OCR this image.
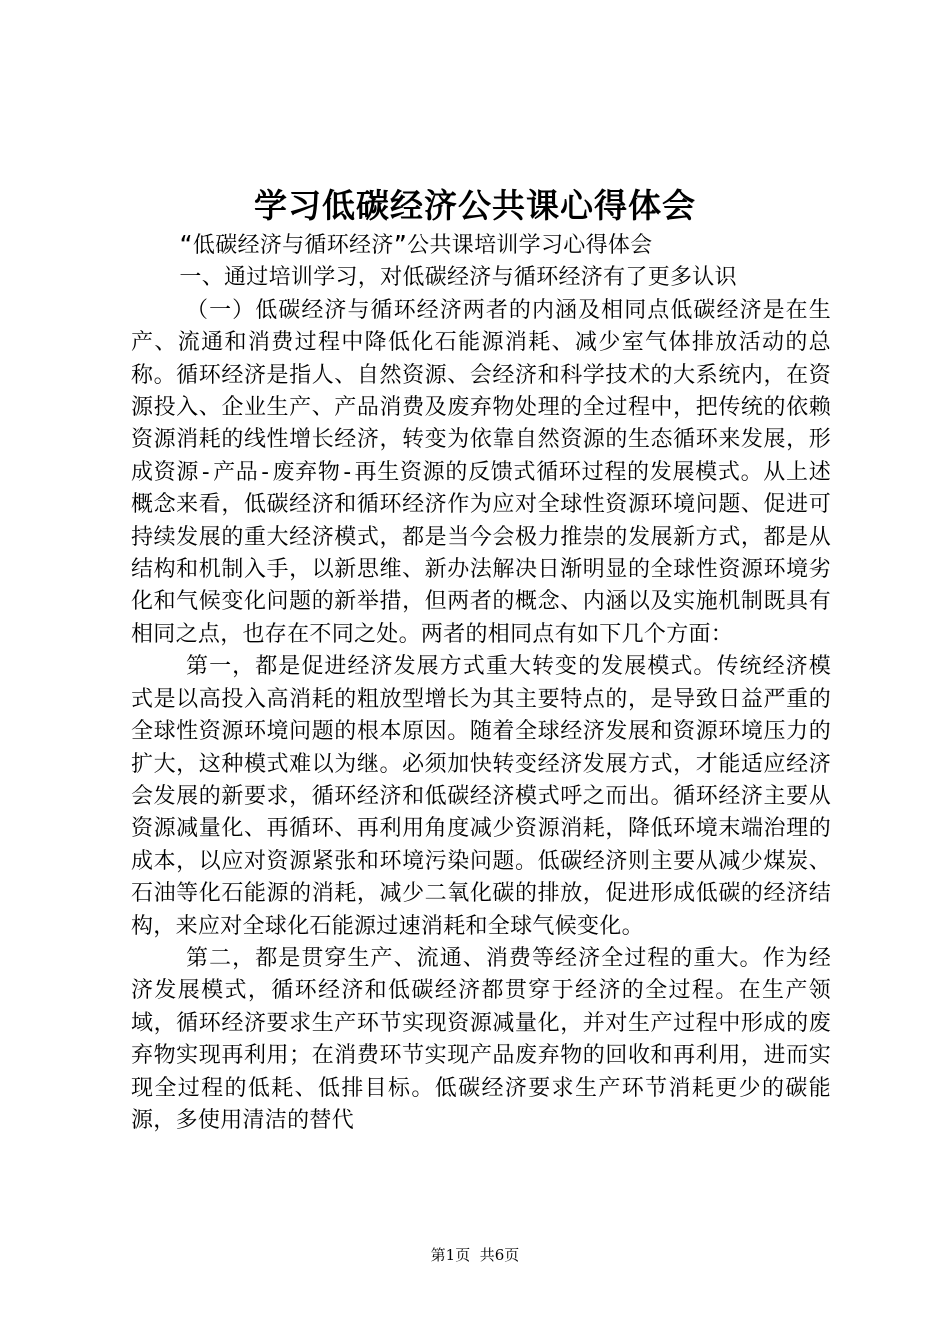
学习低碳经济公共课心得体会

“低碳经济与循环经济”公共课培训学习心得体会

一、通过培训学习，对低碳经济与循环经济有了更多认识

（一）低碳经济与循环经济两者的内涵及相同点低碳经济是在生产、流通和消费过程中降低化石能源消耗、减少室气体排放活动的总称。循环经济是指人、自然资源、会经济和科学技术的大系统内，在资源投入、企业生产、产品消费及废弃物处理的全过程中，把传统的依赖资源消耗的线性增长经济，转变为依靠自然资源的生态循环来发展，形成资源-产品-废弃物-再生资源的反馈式循环过程的发展模式。从上述概念来看，低碳经济和循环经济作为应对全球性资源环境问题、促进可持续发展的重大经济模式，都是当今会极力推崇的发展新方式，都是从结构和机制入手，以新思维、新办法解决日渐明显的全球性资源环境劣化和气候变化问题的新举措，但两者的概念、内涵以及实施机制既具有相同之点，也存在不同之处。两者的相同点有如下几个方面：

第一，都是促进经济发展方式重大转变的发展模式。传统经济模式是以高投入高消耗的粗放型增长为其主要特点的，是导致日益严重的全球性资源环境问题的根本原因。随着全球经济发展和资源环境压力的扩大，这种模式难以为继。必须加快转变经济发展方式，才能适应经济会发展的新要求，循环经济和低碳经济模式呼之而出。循环经济主要从资源减量化、再循环、再利用角度减少资源消耗，降低环境末端治理的成本，以应对资源紧张和环境污染问题。低碳经济则主要从减少煤炭、石油等化石能源的消耗，减少二氧化碳的排放，促进形成低碳的经济结构，来应对全球化石能源过速消耗和全球气候变化。

第二，都是贯穿生产、流通、消费等经济全过程的重大。作为经济发展模式，循环经济和低碳经济都贯穿于经济的全过程。在生产领域，循环经济要求生产环节实现资源减量化，并对生产过程中形成的废弃物实现再利用；在消费环节实现产品废弃物的回收和再利用，进而实现全过程的低耗、低排目标。低碳经济要求生产环节消耗更少的碳能源，多使用清洁的替代

第1页 共6页
